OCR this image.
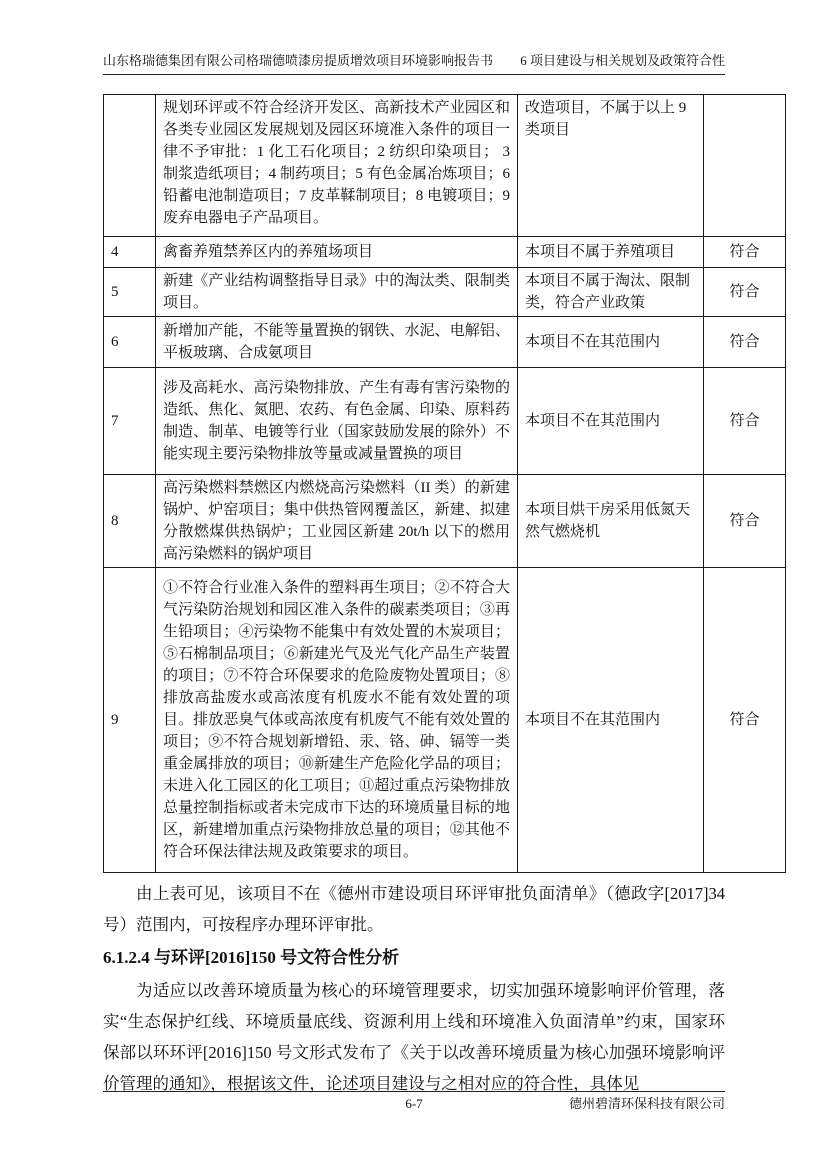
山东格瑞德集团有限公司格瑞德喷漆房提质增效项目环境影响报告书 6 项目建设与相关规划及政策符合性
	规划环评或不符合经济开发区、高新技术产业园区和各类专业园区发展规划及园区环境准入条件的项目一律不予审批：1 化工石化项目；2 纺织印染项目； 3 制浆造纸项目；4 制药项目；5 有色金属冶炼项目；6 铅蓄电池制造项目；7 皮革鞣制项目；8 电镀项目；9 废弃电器电子产品项目。	改造项目，不属于以上 9 类项目	
4	禽畜养殖禁养区内的养殖场项目	本项目不属于养殖项目	符合
5	新建《产业结构调整指导目录》中的淘汰类、限制类项目。	本项目不属于淘汰、限制类，符合产业政策	符合
6	新增加产能，不能等量置换的钢铁、水泥、电解铝、平板玻璃、合成氨项目	本项目不在其范围内	符合
7	涉及高耗水、高污染物排放、产生有毒有害污染物的造纸、焦化、氮肥、农药、有色金属、印染、原料药制造、制革、电镀等行业（国家鼓励发展的除外）不能实现主要污染物排放等量或减量置换的项目	本项目不在其范围内	符合
8	高污染燃料禁燃区内燃烧高污染燃料（II 类）的新建锅炉、炉窑项目；集中供热管网覆盖区，新建、拟建分散燃煤供热锅炉；工业园区新建 20t/h 以下的燃用高污染燃料的锅炉项目	本项目烘干房采用低氮天然气燃烧机	符合
9	①不符合行业准入条件的塑料再生项目；②不符合大气污染防治规划和园区准入条件的碳素类项目；③再生铅项目；④污染物不能集中有效处置的木炭项目；⑤石棉制品项目；⑥新建光气及光气化产品生产装置的项目；⑦不符合环保要求的危险废物处置项目；⑧排放高盐废水或高浓度有机废水不能有效处置的项目。排放恶臭气体或高浓度有机废气不能有效处置的项目；⑨不符合规划新增铅、汞、铬、砷、镉等一类重金属排放的项目；⑩新建生产危险化学品的项目；未进入化工园区的化工项目；⑪超过重点污染物排放总量控制指标或者未完成市下达的环境质量目标的地区，新建增加重点污染物排放总量的项目；⑫其他不符合环保法律法规及政策要求的项目。	本项目不在其范围内	符合

由上表可见，该项目不在《德州市建设项目环评审批负面清单》（德政字[2017]34 号）范围内，可按程序办理环评审批。

6.1.2.4 与环评[2016]150 号文符合性分析

为适应以改善环境质量为核心的环境管理要求，切实加强环境影响评价管理，落实“生态保护红线、环境质量底线、资源利用上线和环境准入负面清单”约束，国家环保部以环环评[2016]150 号文形式发布了《关于以改善环境质量为核心加强环境影响评价管理的通知》，根据该文件，论述项目建设与之相对应的符合性，具体见

6-7	德州碧清环保科技有限公司
